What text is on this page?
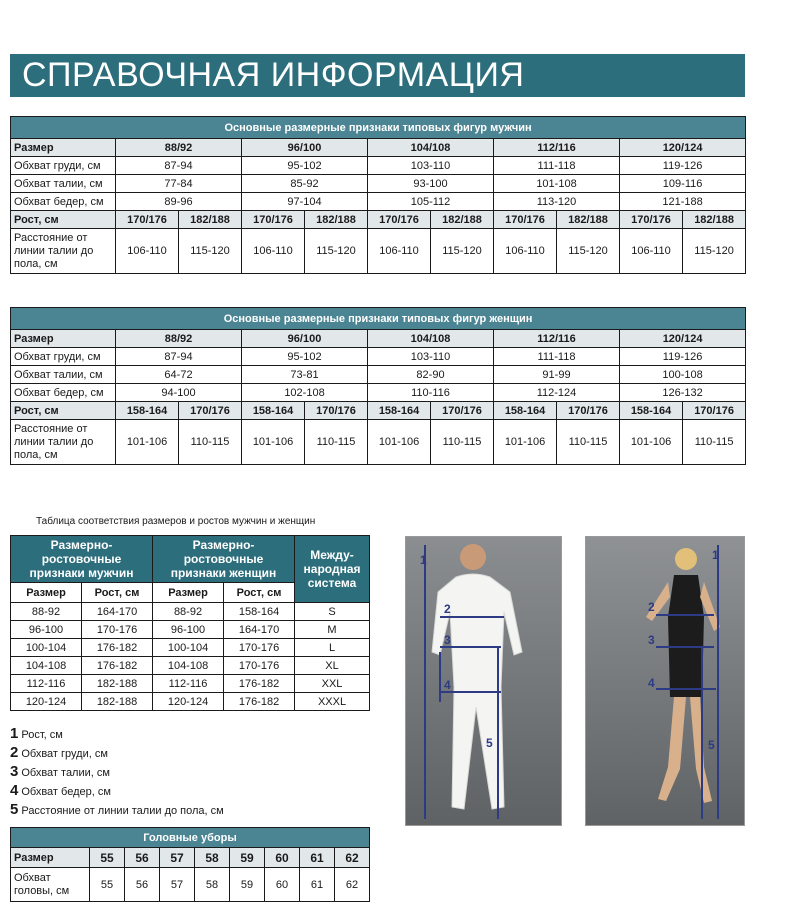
СПРАВОЧНАЯ ИНФОРМАЦИЯ
Основные размерные признаки типовых фигур мужчин										
Размер	88/92		96/100		104/108		112/116		120/124	
Обхват груди, см	87-94		95-102		103-110		111-118		119-126	
Обхват талии, см	77-84		85-92		93-100		101-108		109-116	
Обхват бедер, см	89-96		97-104		105-112		113-120		121-188	
Рост, см	170/176	182/188	170/176	182/188	170/176	182/188	170/176	182/188	170/176	182/188
Расстояние от линии талии до пола, см	106-110	115-120	106-110	115-120	106-110	115-120	106-110	115-120	106-110	115-120
Основные размерные признаки типовых фигур женщин										
Размер	88/92		96/100		104/108		112/116		120/124	
Обхват груди, см	87-94		95-102		103-110		111-118		119-126	
Обхват талии, см	64-72		73-81		82-90		91-99		100-108	
Обхват бедер, см	94-100		102-108		110-116		112-124		126-132	
Рост, см	158-164	170/176	158-164	170/176	158-164	170/176	158-164	170/176	158-164	170/176
Расстояние от линии талии до пола, см	101-106	110-115	101-106	110-115	101-106	110-115	101-106	110-115	101-106	110-115
Таблица соответствия размеров и ростов мужчин и женщин
Размерно-ростовочные признаки мужчин		Размерно-ростовочные признаки женщин		Между-народная система
Размер	Рост, см	Размер	Рост, см	
88-92	164-170	88-92	158-164	S
96-100	170-176	96-100	164-170	M
100-104	176-182	100-104	170-176	L
104-108	176-182	104-108	170-176	XL
112-116	182-188	112-116	176-182	XXL
120-124	182-188	120-124	176-182	XXXL
1 Рост, см
2 Обхват груди, см
3 Обхват талии, см
4 Обхват бедер, см
5 Расстояние от линии талии до пола, см
Головные уборы								
Размер	55	56	57	58	59	60	61	62
Обхват головы, см	55	56	57	58	59	60	61	62
1
2
3
4
5
1
2
3
4
5
